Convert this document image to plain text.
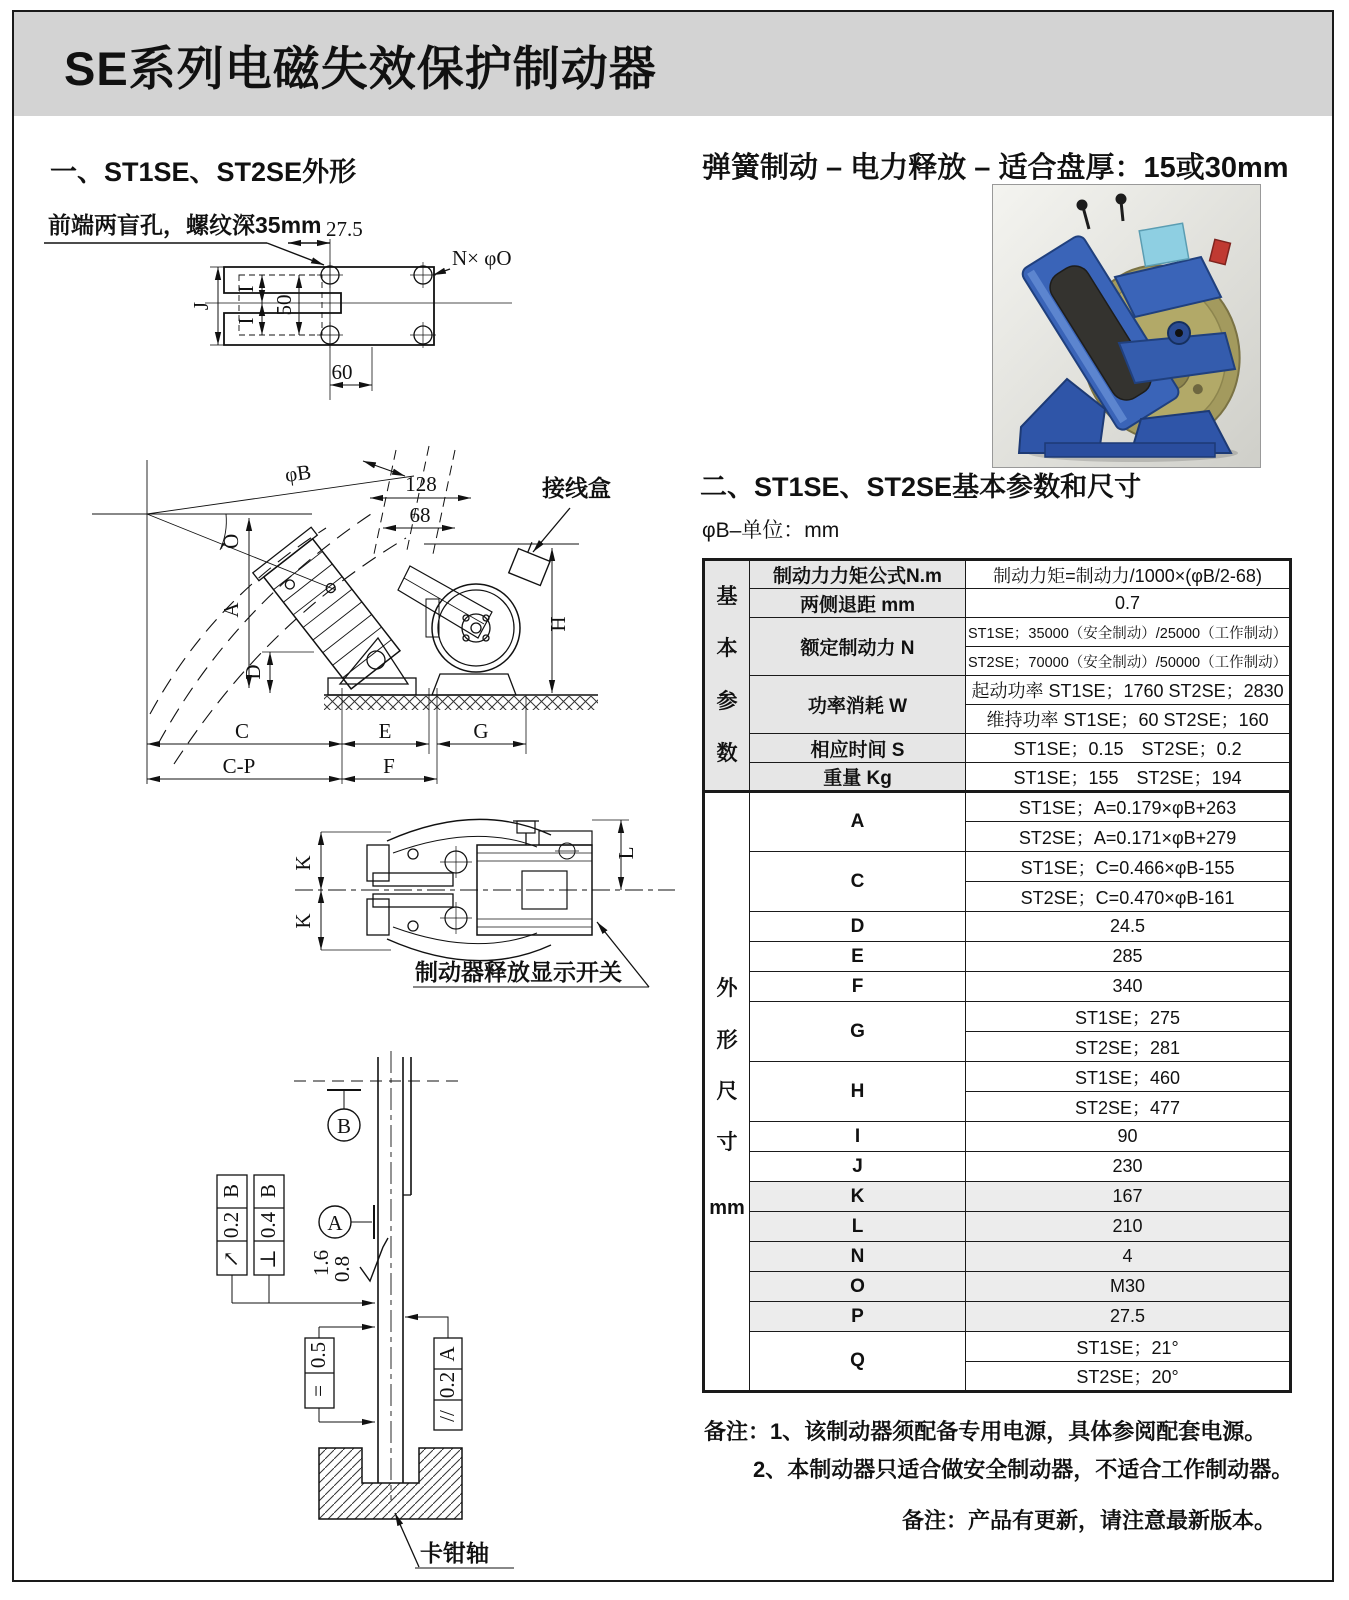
SE系列电磁失效保护制动器
一、ST1SE、ST2SE外形	弹簧制动 – 电力释放 – 适合盘厚：15或30mm
二、ST1SE、ST2SE基本参数和尺寸
φB–单位：mm
前端两盲孔，螺纹深35mm 27.5
N× φO
J
I
I
50
60
φB
Q
128
68
接线盒
A
D
H
C	E	G
C-P	F
K
K
L
制动器释放显示开关
B
A
B
0.2
↗
B
0.4
⊥ 1.6
0.8
0.5
=
A
0.2
//
卡钳轴
基本参数	制动力力矩公式N.m	制动力矩=制动力/1000×(φB/2-68)
	两侧退距 mm	0.7
	额定制动力 N	ST1SE；35000（安全制动）/25000（工作制动）
		ST2SE；70000（安全制动）/50000（工作制动）
	功率消耗 W	起动功率 ST1SE；1760 ST2SE；2830
		维持功率 ST1SE；60 ST2SE；160
	相应时间 S	ST1SE；0.15　ST2SE；0.2
	重量 Kg	ST1SE；155　ST2SE；194

外形尺寸
mm	A	ST1SE；A=0.179×φB+263
		ST2SE；A=0.171×φB+279
	C	ST1SE；C=0.466×φB-155
		ST2SE；C=0.470×φB-161
	D	24.5
	E	285
	F	340
	G	ST1SE；275
		ST2SE；281
	H	ST1SE；460
		ST2SE；477
	I	90
	J	230
	K	167
	L	210
	N	4
	O	M30
	P	27.5
	Q	ST1SE；21°
		ST2SE；20°
备注：1、该制动器须配备专用电源，具体参阅配套电源。
2、本制动器只适合做安全制动器，不适合工作制动器。
备注：产品有更新，请注意最新版本。
